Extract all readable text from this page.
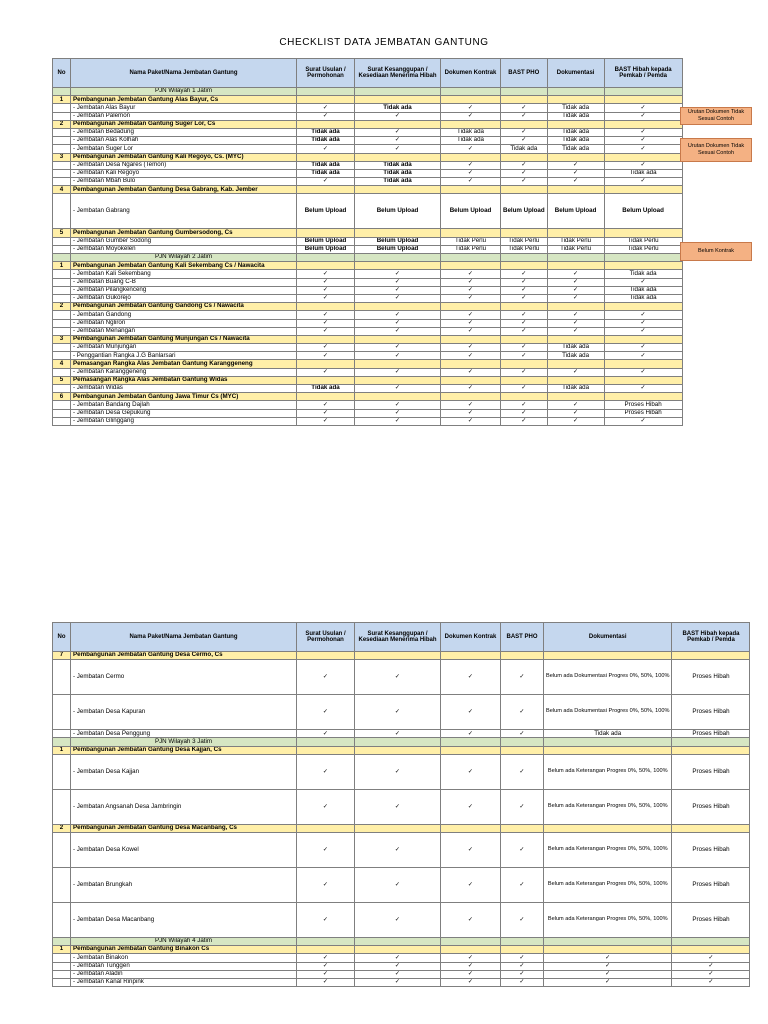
CHECKLIST DATA JEMBATAN GANTUNG
No	Nama Paket/Nama Jembatan Gantung	Surat Usulan / Permohonan	Surat Kesanggupan / Kesediaan Menerima Hibah	Dokumen Kontrak	BAST PHO	Dokumentasi	BAST Hibah kepada Pemkab / Pemda
	PJN Wilayah 1 Jatim						
1	Pembangunan Jembatan Gantung Alas Bayur, Cs						
	- Jembatan Alas Bayur	✓	Tidak ada	✓	✓	Tidak ada	✓
	- Jembatan Palemon	✓	✓	✓	✓	Tidak ada	✓
2	Pembangunan Jembatan Gantung Suger Lor, Cs						
	- Jembatan Bedadung	Tidak ada	✓	Tidak ada	✓	Tidak ada	✓
	- Jembatan Alas Kolhah	Tidak ada	✓	Tidak ada	✓	Tidak ada	✓
	- Jembatan Suger Lor	✓	✓	✓	Tidak ada	Tidak ada	✓
3	Pembangunan Jembatan Gantung Kali Regoyo, Cs. (MYC)						
	- Jembatan Desa Ngares (Temon)	Tidak ada	Tidak ada	✓	✓	✓	✓
	- Jembatan Kali Regoyo	Tidak ada	Tidak ada	✓	✓	✓	Tidak ada
	- Jembatan Mbah Bulo	✓	Tidak ada	✓	✓	✓	✓
4	Pembangunan Jembatan Gantung Desa Gabrang, Kab. Jember						
	- Jembatan Gabrang	Belum Upload	Belum Upload	Belum Upload	Belum Upload	Belum Upload	Belum Upload
5	Pembangunan Jembatan Gantung Gumbersodong, Cs						
	- Jembatan Gumber Sodong	Belum Upload	Belum Upload	Tidak Perlu	Tidak Perlu	Tidak Perlu	Tidak Perlu
	- Jembatan Moyokelen	Belum Upload	Belum Upload	Tidak Perlu	Tidak Perlu	Tidak Perlu	Tidak Perlu
	PJN Wilayah 2 Jatim						
1	Pembangunan Jembatan Gantung Kali Sekembang Cs / Nawacita						
	- Jembatan Kali Sekembang	✓	✓	✓	✓	✓	Tidak ada
	- Jembatan Buang C-B	✓	✓	✓	✓	✓	✓
	- Jembatan Pilangkenceng	✓	✓	✓	✓	✓	Tidak ada
	- Jembatan Gukorejo	✓	✓	✓	✓	✓	Tidak ada
2	Pembangunan Jembatan Gantung Gandong Cs / Nawacita						
	- Jembatan Gandong	✓	✓	✓	✓	✓	✓
	- Jembatan Ngliron	✓	✓	✓	✓	✓	✓
	- Jembatan Menangan	✓	✓	✓	✓	✓	✓
3	Pembangunan Jembatan Gantung Munjungan Cs / Nawacita						
	- Jembatan Munjungan	✓	✓	✓	✓	Tidak ada	✓
	- Penggantian Rangka J.G Banlarsari	✓	✓	✓	✓	Tidak ada	✓
4	Pemasangan Rangka Alas Jembatan Gantung Karanggeneng						
	- Jembatan Karanggeneng	✓	✓	✓	✓	✓	✓
5	Pemasangan Rangka Alas Jembatan Gantung Widas						
	- Jembatan Widas	Tidak ada	✓	✓	✓	Tidak ada	✓
6	Pembangunan Jembatan Gantung Jawa Timur Cs (MYC)						
	- Jembatan Bandang Dajlah	✓	✓	✓	✓	✓	Proses Hibah
	- Jembatan Desa Gepukung	✓	✓	✓	✓	✓	Proses Hibah
	- Jembatan Glinggang	✓	✓	✓	✓	✓	✓
Urutan Dokumen Tidak Sesuai Contoh
Urutan Dokumen Tidak Sesuai Contoh
Belum Kontrak
No	Nama Paket/Nama Jembatan Gantung	Surat Usulan / Permohonan	Surat Kesanggupan / Kesediaan Menerima Hibah	Dokumen Kontrak	BAST PHO	Dokumentasi	BAST Hibah kepada Pemkab / Pemda
7	Pembangunan Jembatan Gantung Desa Cermo, Cs						
	- Jembatan Cermo	✓	✓	✓	✓	Belum ada Dokumentasi Progres 0%, 50%, 100%	Proses Hibah
	- Jembatan Desa Kapuran	✓	✓	✓	✓	Belum ada Dokumentasi Progres 0%, 50%, 100%	Proses Hibah
	- Jembatan Desa Penggung	✓	✓	✓	✓	Tidak ada	Proses Hibah
	PJN Wilayah 3 Jatim						
1	Pembangunan Jembatan Gantung Desa Kajjan, Cs						
	- Jembatan Desa Kajjan	✓	✓	✓	✓	Belum ada Keterangan Progres 0%, 50%, 100%	Proses Hibah
	- Jembatan Angsanah Desa Jambringin	✓	✓	✓	✓	Belum ada Keterangan Progres 0%, 50%, 100%	Proses Hibah
2	Pembangunan Jembatan Gantung Desa Macanbang, Cs						
	- Jembatan Desa Kowel	✓	✓	✓	✓	Belum ada Keterangan Progres 0%, 50%, 100%	Proses Hibah
	- Jembatan Brungkah	✓	✓	✓	✓	Belum ada Keterangan Progres 0%, 50%, 100%	Proses Hibah
	- Jembatan Desa Macanbang	✓	✓	✓	✓	Belum ada Keterangan Progres 0%, 50%, 100%	Proses Hibah
	PJN Wilayah 4 Jatim						
1	Pembangunan Jembatan Gantung Binakon Cs						
	- Jembatan Binakon	✓	✓	✓	✓	✓	✓
	- Jembatan Tunggen	✓	✓	✓	✓	✓	✓
	- Jembatan Aladin	✓	✓	✓	✓	✓	✓
	- Jembatan Kanal Rinpink	✓	✓	✓	✓	✓	✓
